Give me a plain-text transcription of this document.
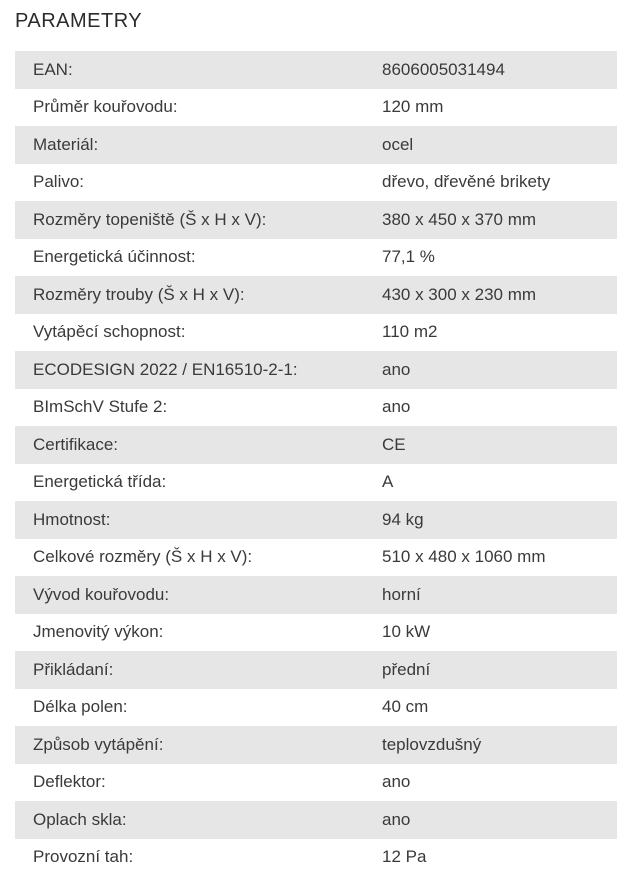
PARAMETRY
EAN:	8606005031494
Průměr kouřovodu:	120 mm
Materiál:	ocel
Palivo:	dřevo, dřevěné brikety
Rozměry topeniště (Š x H x V):	380 x 450 x 370 mm
Energetická účinnost:	77,1 %
Rozměry trouby (Š x H x V):	430 x 300 x 230 mm
Vytápěcí schopnost:	110 m2
ECODESIGN 2022 / EN16510-2-1:	ano
BImSchV Stufe 2:	ano
Certifikace:	CE
Energetická třída:	A
Hmotnost:	94 kg
Celkové rozměry (Š x H x V):	510 x 480 x 1060 mm
Vývod kouřovodu:	horní
Jmenovitý výkon:	10 kW
Přikládaní:	přední
Délka polen:	40 cm
Způsob vytápění:	teplovzdušný
Deflektor:	ano
Oplach skla:	ano
Provozní tah:	12 Pa
